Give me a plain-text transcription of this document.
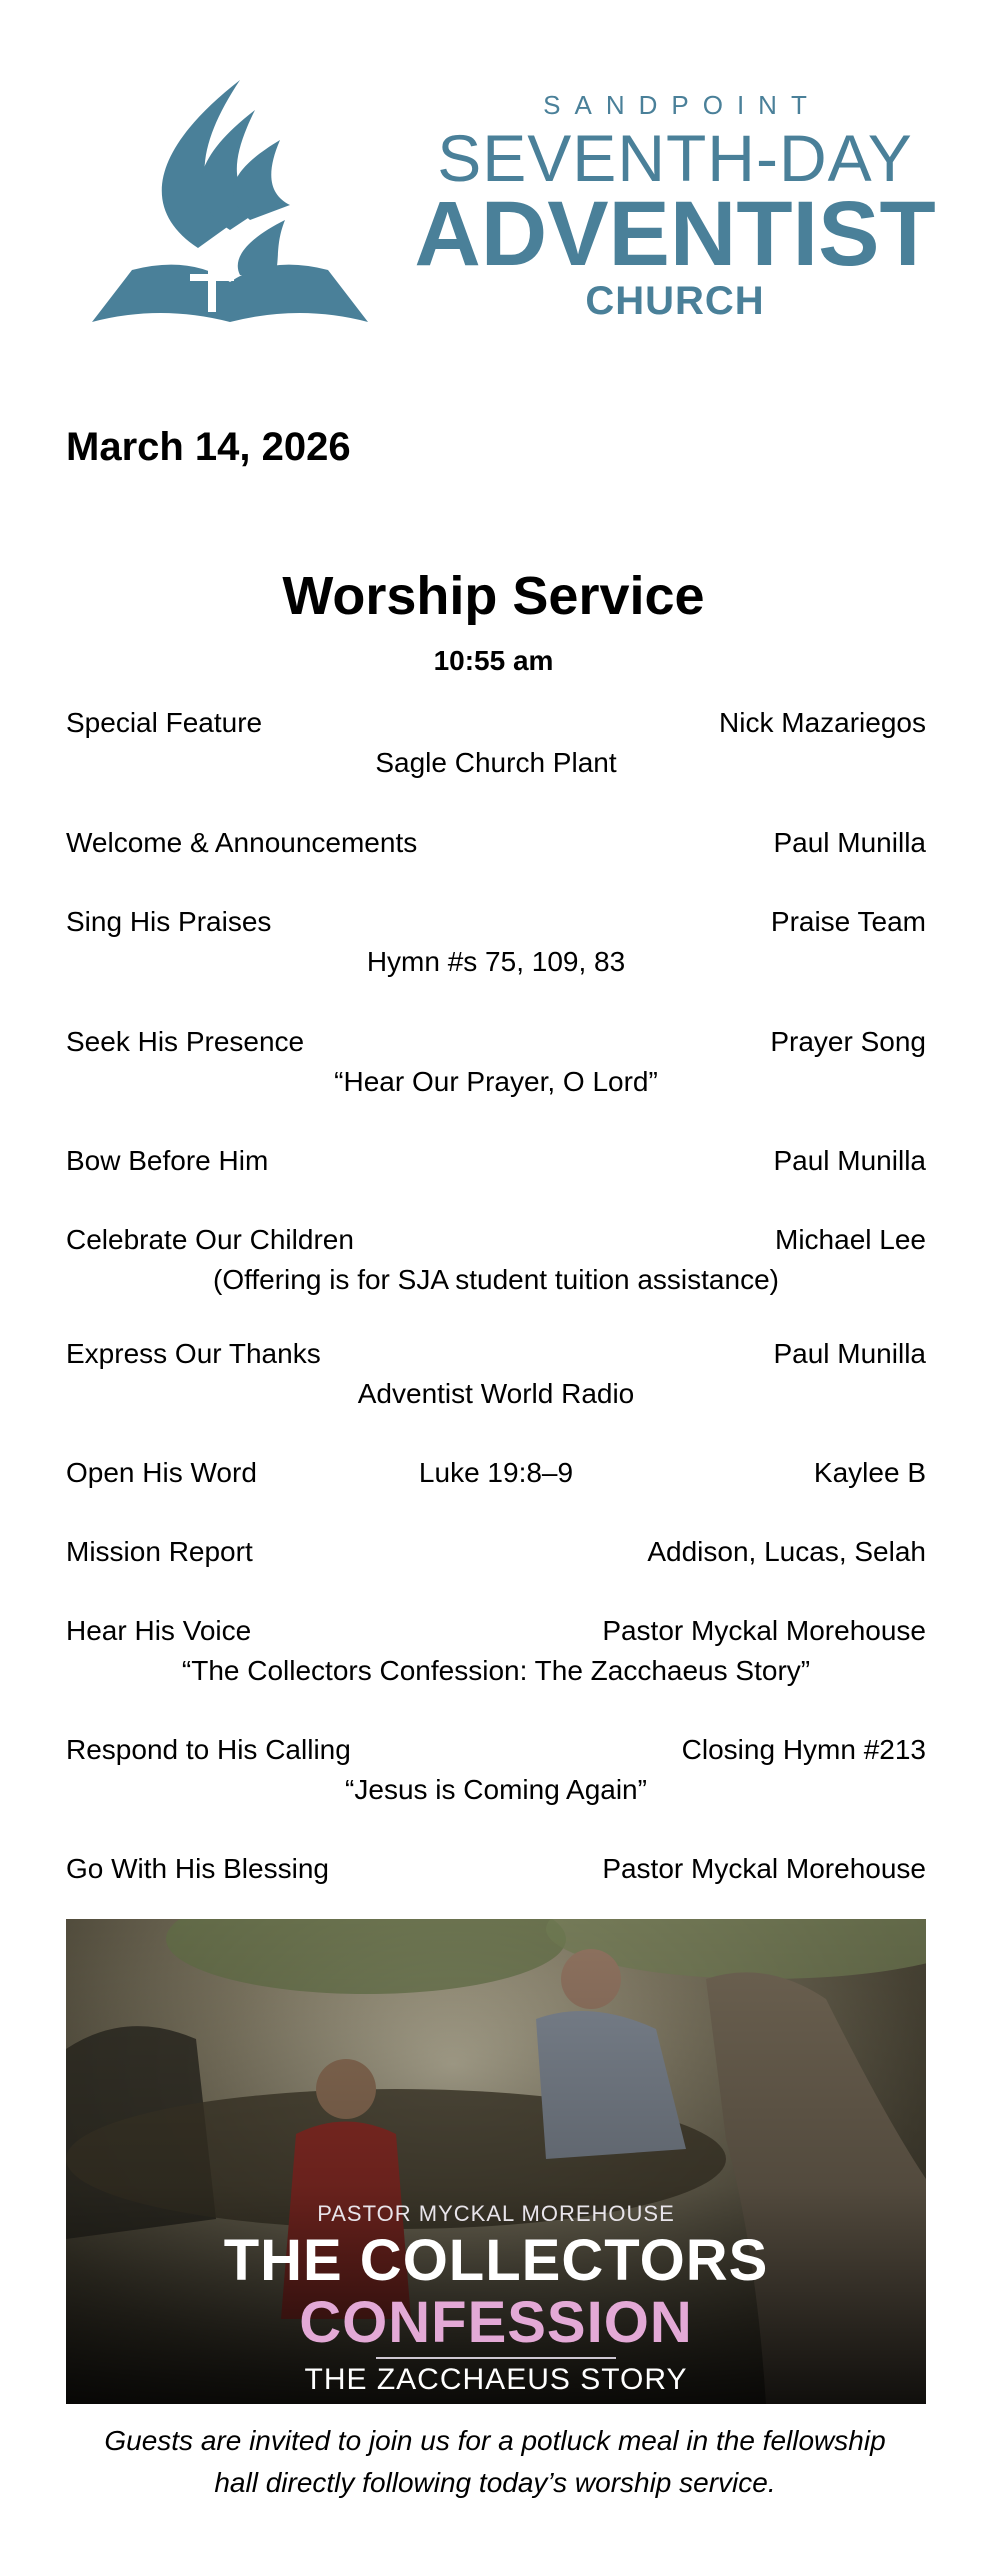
SANDPOINT
SEVENTH-DAY
ADVENTIST
CHURCH
March 14, 2026
Worship Service
10:55 am
Special Feature	Nick Mazariegos
Sagle Church Plant
Welcome & Announcements	Paul Munilla
Sing His Praises	Praise Team
Hymn #s 75, 109, 83
Seek His Presence	Prayer Song
“Hear Our Prayer, O Lord”
Bow Before Him	Paul Munilla
Celebrate Our Children	Michael Lee
(Offering is for SJA student tuition assistance)
Express Our Thanks	Paul Munilla
Adventist World Radio
Open His Word	Luke 19:8–9	Kaylee B
Mission Report	Addison, Lucas, Selah
Hear His Voice	Pastor Myckal Morehouse
“The Collectors Confession: The Zacchaeus Story”
Respond to His Calling	Closing Hymn #213
“Jesus is Coming Again”
Go With His Blessing	Pastor Myckal Morehouse
PASTOR MYCKAL MOREHOUSE
THE COLLECTORS
CONFESSION
THE ZACCHAEUS STORY
Guests are invited to join us for a potluck meal in the fellowship
hall directly following today’s worship service.
